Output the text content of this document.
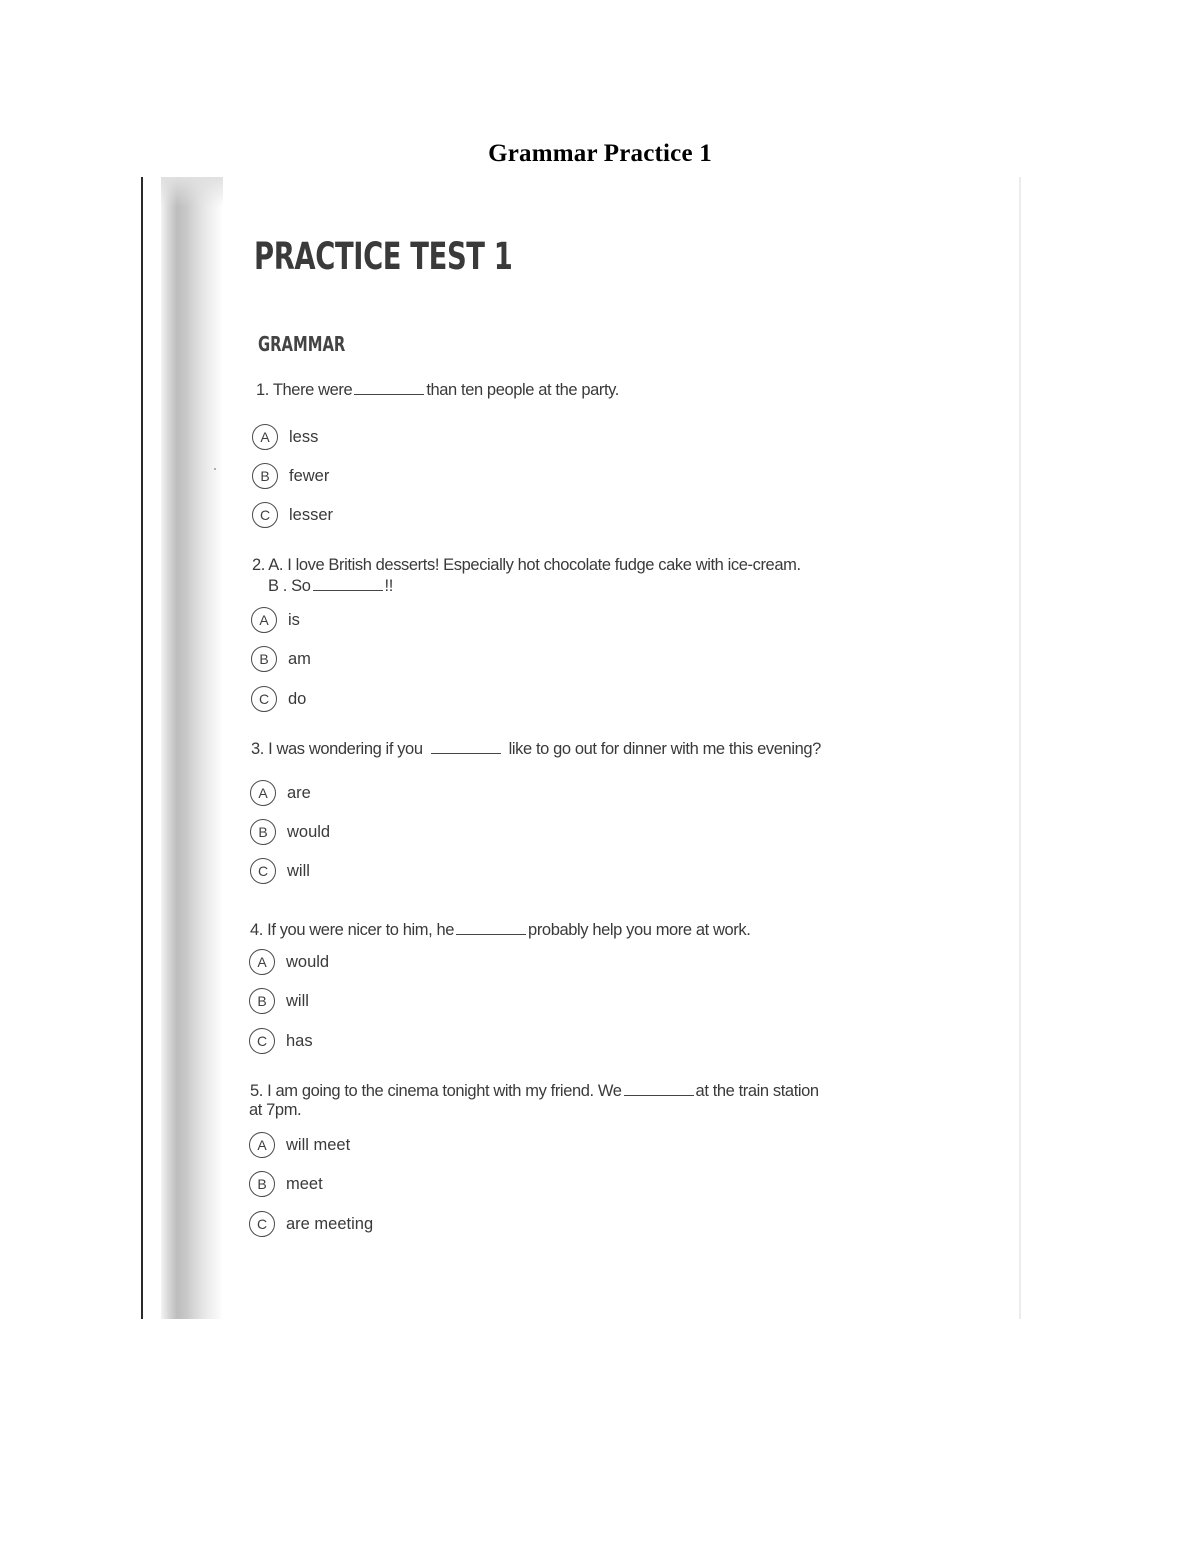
Grammar Practice 1
PRACTICE TEST 1
GRAMMAR
1. There were	than ten people at the party.
A	less
B	fewer
C	lesser
2. A. I love British desserts! Especially hot chocolate fudge cake with ice-cream.
B . So	!!
A	is
B	am
C	do
3. I was wondering if you	like to go out for dinner with me this evening?
A	are
B	would
C	will
4. If you were nicer to him, he	probably help you more at work.
A	would
B	will
C	has
5. I am going to the cinema tonight with my friend. We	at the train station
at 7pm.
A	will meet
B	meet
C	are meeting
